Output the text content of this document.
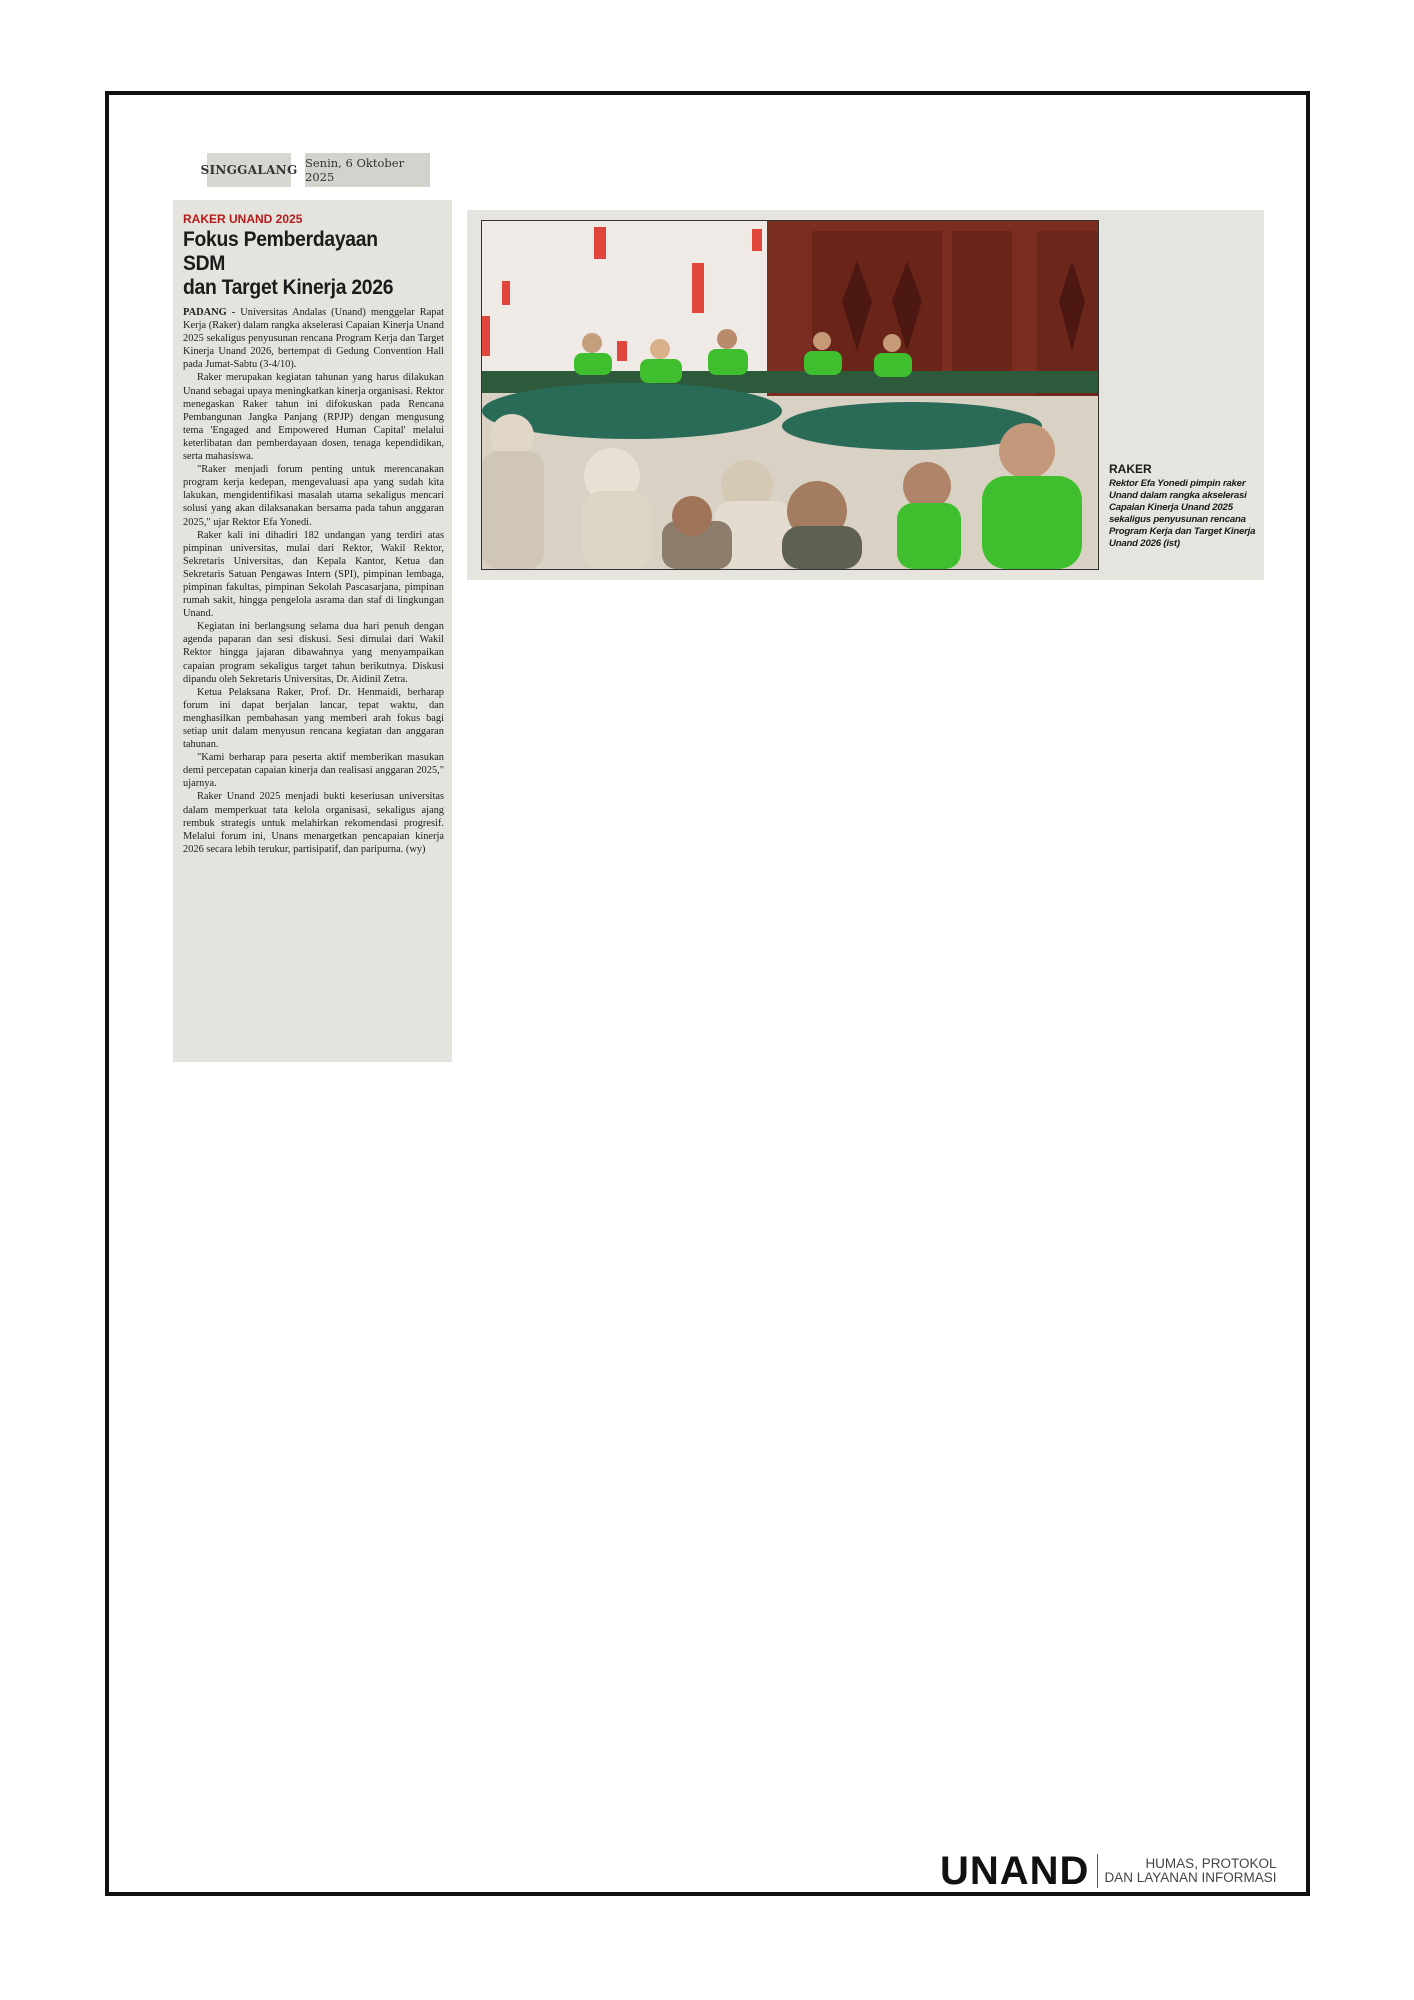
SINGGALANG Senin, 6 Oktober 2025
RAKER UNAND 2025
Fokus Pemberdayaan SDM
dan Target Kinerja 2026

PADANG - Universitas Andalas (Unand) menggelar Rapat Kerja (Raker) dalam rangka akselerasi Capaian Kinerja Unand 2025 sekaligus penyusunan rencana Program Kerja dan Target Kinerja Unand 2026, bertempat di Gedung Convention Hall pada Jumat-Sabtu (3-4/10).

Raker merupakan kegiatan tahunan yang harus dilakukan Unand sebagai upaya meningkatkan kinerja organisasi. Rektor menegaskan Raker tahun ini difokuskan pada Rencana Pembangunan Jangka Panjang (RPJP) dengan mengusung tema 'Engaged and Empowered Human Capital' melalui keterlibatan dan pemberdayaan dosen, tenaga kependidikan, serta mahasiswa.

"Raker menjadi forum penting untuk merencanakan program kerja kedepan, mengevaluasi apa yang sudah kita lakukan, mengidentifikasi masalah utama sekaligus mencari solusi yang akan dilaksanakan bersama pada tahun anggaran 2025," ujar Rektor Efa Yonedi.

Raker kali ini dihadiri 182 undangan yang terdiri atas pimpinan universitas, mulai dari Rektor, Wakil Rektor, Sekretaris Universitas, dan Kepala Kantor, Ketua dan Sekretaris Satuan Pengawas Intern (SPI), pimpinan lembaga, pimpinan fakultas, pimpinan Sekolah Pascasarjana, pimpinan rumah sakit, hingga pengelola asrama dan staf di lingkungan Unand.

Kegiatan ini berlangsung selama dua hari penuh dengan agenda paparan dan sesi diskusi. Sesi dimulai dari Wakil Rektor hingga jajaran dibawahnya yang menyampaikan capaian program sekaligus target tahun berikutnya. Diskusi dipandu oleh Sekretaris Universitas, Dr. Aidinil Zetra.

Ketua Pelaksana Raker, Prof. Dr. Henmaidi, berharap forum ini dapat berjalan lancar, tepat waktu, dan menghasilkan pembahasan yang memberi arah fokus bagi setiap unit dalam menyusun rencana kegiatan dan anggaran tahunan.

"Kami berharap para peserta aktif memberikan masukan demi percepatan capaian kinerja dan realisasi anggaran 2025," ujarnya.

Raker Unand 2025 menjadi bukti keseriusan universitas dalam memperkuat tata kelola organisasi, sekaligus ajang rembuk strategis untuk melahirkan rekomendasi progresif. Melalui forum ini, Unans menargetkan pencapaian kinerja 2026 secara lebih terukur, partisipatif, dan paripurna. (wy)

RAKER

Rektor Efa Yonedi pimpin raker Unand dalam rangka akselerasi Capaian Kinerja Unand 2025 sekaligus penyusunan rencana Program Kerja dan Target Kinerja Unand 2026 (ist)

UNAND	HUMAS, PROTOKOL
DAN LAYANAN INFORMASI
